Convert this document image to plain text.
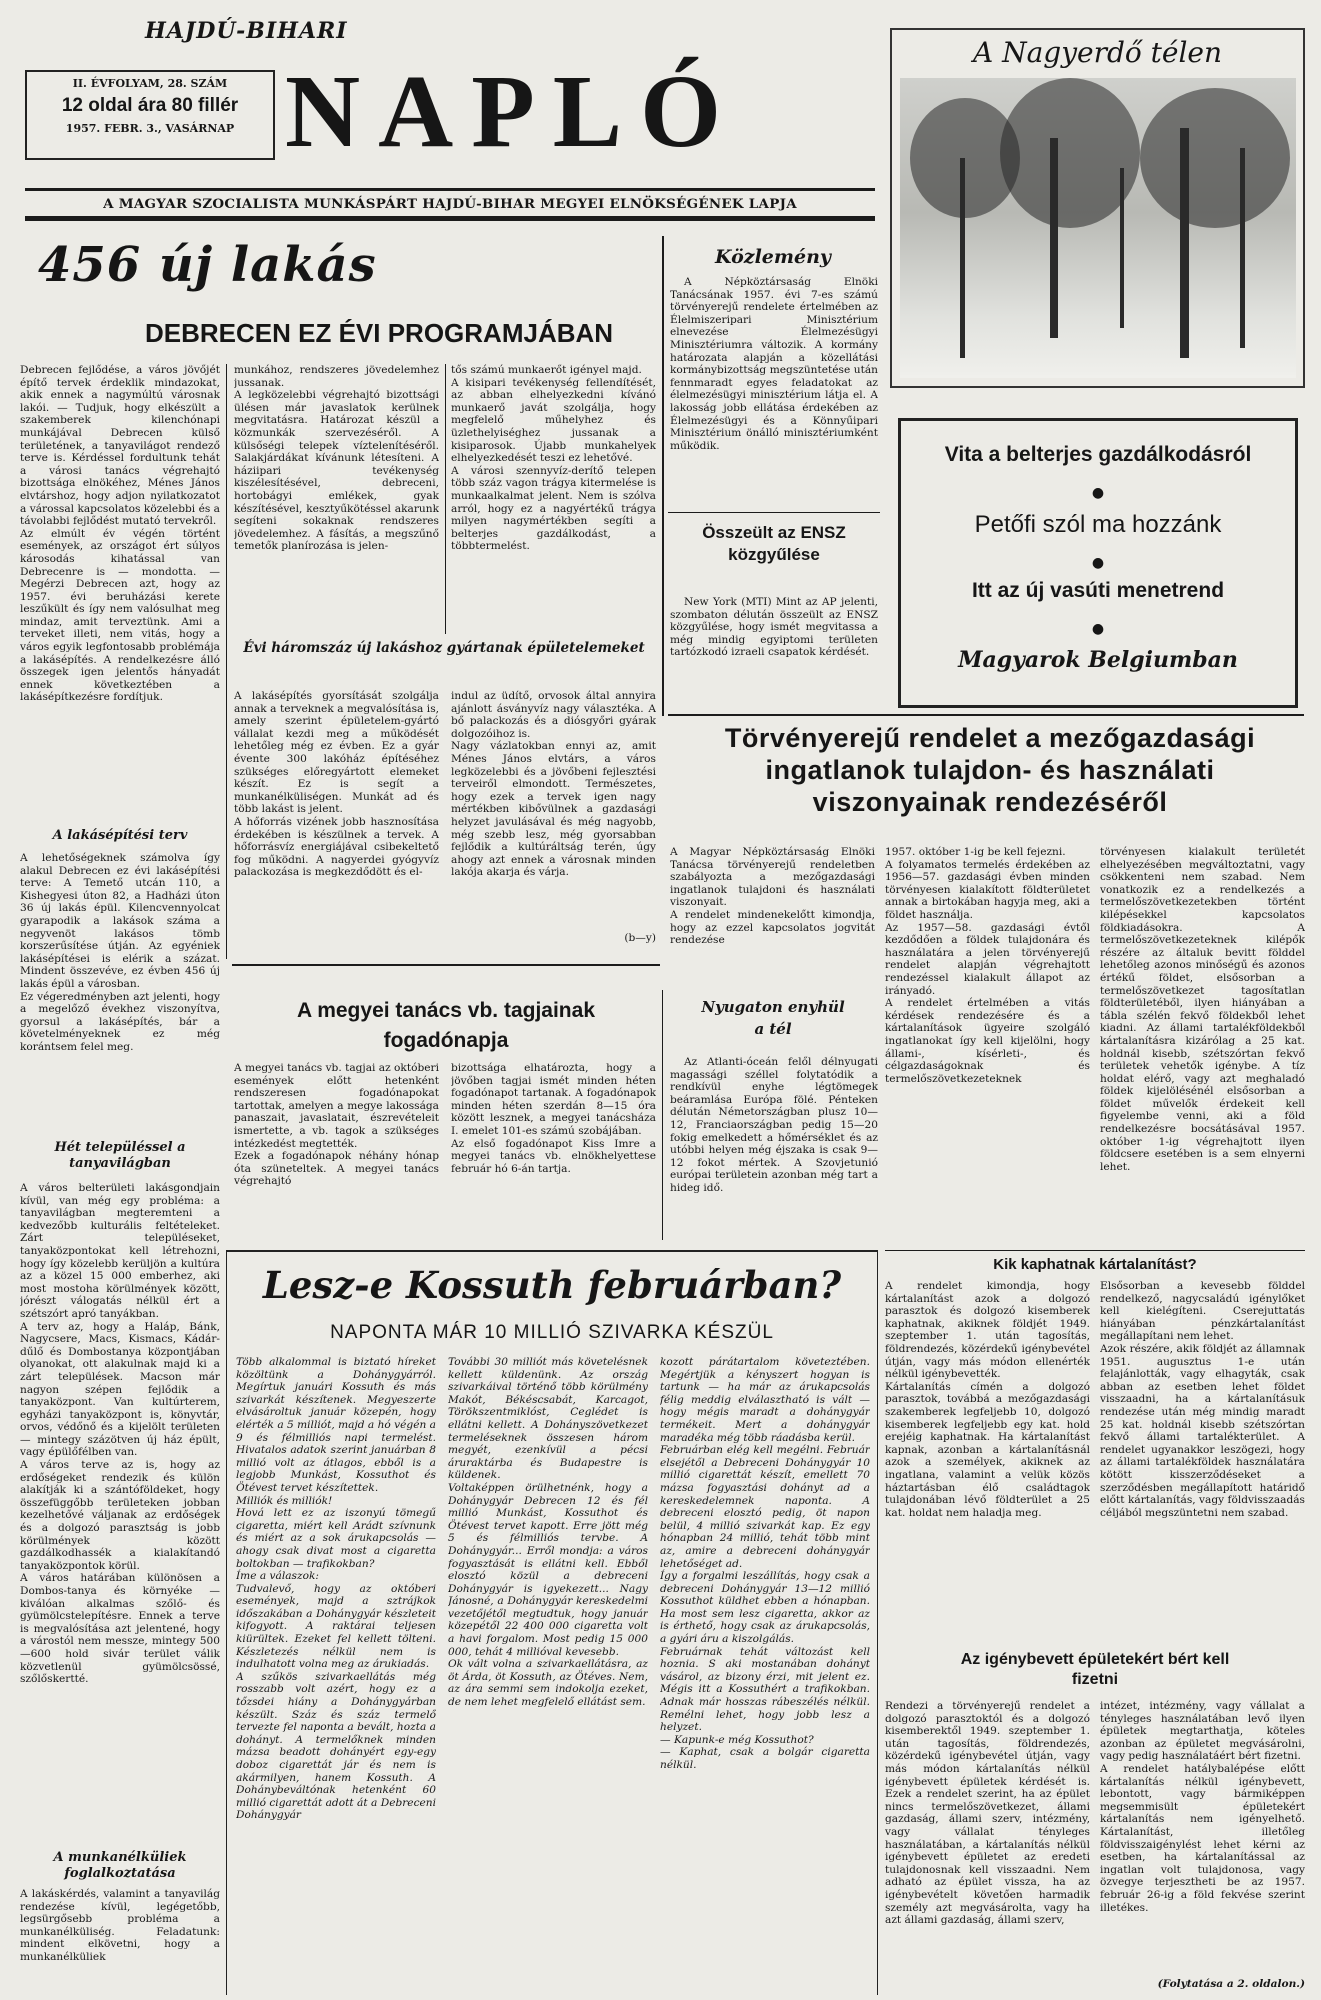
HAJDÚ-BIHARI
II. ÉVFOLYAM, 28. SZÁM
12 oldal ára 80 fillér
1957. FEBR. 3., VASÁRNAP NAPLÓ
A MAGYAR SZOCIALISTA MUNKÁSPÁRT HAJDÚ-BIHAR MEGYEI ELNÖKSÉGÉNEK LAPJA
A Nagyerdő télen
Vita a belterjes gazdálkodásról
●
Petőfi szól ma hozzánk
●
Itt az új vasúti menetrend
●
Magyarok Belgiumban
456 új lakás
DEBRECEN EZ ÉVI PROGRAMJÁBAN
Debrecen fejlődése, a város jövőjét építő tervek érdeklik mindazokat, akik ennek a nagymúltú városnak lakói. — Tudjuk, hogy elkészült a szakemberek kilenchónapi munkájával Debrecen külső területének, a tanyavilágot rendező terve is. Kérdéssel fordultunk tehát a városi tanács végrehajtó bizottsága elnökéhez, Ménes János elvtárshoz, hogy adjon nyilatkozatot a várossal kapcsolatos közelebbi és a távolabbi fejlődést mutató tervekről.
Az elmúlt év végén történt események, az országot ért súlyos károsodás kihatással van Debrecenre is — mondotta. — Megérzi Debrecen azt, hogy az 1957. évi beruházási kerete leszűkült és így nem valósulhat meg mindaz, amit terveztünk. Ami a terveket illeti, nem vitás, hogy a város egyik legfontosabb problémája a lakásépítés. A rendelkezésre álló összegek igen jelentős hányadát ennek következtében a lakásépítkezésre fordítjuk.
A lakásépítési terv
A lehetőségeknek számolva így alakul Debrecen ez évi lakásépítési terve: A Temető utcán 110, a Kishegyesi úton 82, a Hadházi úton 36 új lakás épül. Kilencvennyolcat gyarapodik a lakások száma a negyvenöt lakásos tömb korszerűsítése útján. Az egyéniek lakásépítései is elérik a százat. Mindent összevéve, ez évben 456 új lakás épül a városban.
Ez végeredményben azt jelenti, hogy a megelőző évekhez viszonyítva, gyorsul a lakásépítés, bár a követelményeknek ez még korántsem felel meg.
Hét településsel a tanyavilágban
A város belterületi lakásgondjain kívül, van még egy probléma: a tanyavilágban megteremteni a kedvezőbb kulturális feltételeket. Zárt településeket, tanyaközpontokat kell létrehozni, hogy így közelebb kerüljön a kultúra az a közel 15 000 emberhez, aki most mostoha körülmények között, jórészt válogatás nélkül ért a szétszórt apró tanyákban.
A terv az, hogy a Haláp, Bánk, Nagycsere, Macs, Kismacs, Kádár-dűlő és Dombostanya központjában olyanokat, ott alakulnak majd ki a zárt települések. Macson már nagyon szépen fejlődik a tanyaközpont. Van kultúrterem, egyházi tanyaközpont is, könyvtár, orvos, védőnő és a kijelölt területen — mintegy százötven új ház épült, vagy épülőfélben van.
A város terve az is, hogy az erdőségeket rendezik és külön alakítják ki a szántóföldeket, hogy összefüggőbb területeken jobban kezelhetővé váljanak az erdőségek és a dolgozó parasztság is jobb körülmények között gazdálkodhassék a kialakítandó tanyaközpontok körül.
A város határában különösen a Dombos-tanya és környéke — kiválóan alkalmas szőlő- és gyümölcstelepítésre. Ennek a terve is megvalósítása azt jelentené, hogy a várostól nem messze, mintegy 500—600 hold sivár terület válik közvetlenül gyümölcsössé, szőlőskertté.
A munkanélküliek foglalkoztatása
A lakáskérdés, valamint a tanyavilág rendezése kívül, legégetőbb, legsürgősebb probléma a munkanélküliség. Feladatunk: mindent elkövetni, hogy a munkanélküliek
munkához, rendszeres jövedelemhez jussanak.
A legközelebbi végrehajtó bizottsági ülésen már javaslatok kerülnek megvitatásra. Határozat készül a közmunkák szervezéséről. A külsőségi telepek víztelenítéséről. Salakjárdákat kívánunk létesíteni. A háziipari tevékenység kiszélesítésével, debreceni, hortobágyi emlékek, gyak készítésével, kesztyűkötéssel akarunk segíteni sokaknak rendszeres jövedelemhez. A fásítás, a megszűnő temetők planírozása is jelen-
Évi háromszáz új lakáshoz gyártanak épületelemeket
A lakásépítés gyorsítását szolgálja annak a terveknek a megvalósítása is, amely szerint épületelem-gyártó vállalat kezdi meg a működését lehetőleg még ez évben. Ez a gyár évente 300 lakóház építéséhez szükséges előregyártott elemeket készít. Ez is segít a munkanélküliségen. Munkát ad és több lakást is jelent.
A hőforrás vizének jobb hasznosítása érdekében is készülnek a tervek. A hőforrásvíz energiájával csibekeltető fog működni. A nagyerdei gyógyvíz palackozása is megkezdődött és el-
tős számú munkaerőt igényel majd.
A kisipari tevékenység fellendítését, az abban elhelyezkedni kívánó munkaerő javát szolgálja, hogy megfelelő műhelyhez és üzlethelyiséghez jussanak a kisiparosok. Újabb munkahelyek elhelyezkedését teszi ez lehetővé.
A városi szennyvíz-derítő telepen több száz vagon trágya kitermelése is munkaalkalmat jelent. Nem is szólva arról, hogy ez a nagyértékű trágya milyen nagymértékben segíti a belterjes gazdálkodást, a többtermelést.
indul az üdítő, orvosok által annyira ajánlott ásványvíz nagy választéka. A bő palackozás és a diósgyőri gyárak dolgozóihoz is.
Nagy vázlatokban ennyi az, amit Ménes János elvtárs, a város legközelebbi és a jövőbeni fejlesztési terveiről elmondott. Természetes, hogy ezek a tervek igen nagy mértékben kibővülnek a gazdasági helyzet javulásával és még nagyobb, még szebb lesz, még gyorsabban fejlődik a kultúráltság terén, úgy ahogy azt ennek a városnak minden lakója akarja és várja.
(b—y)
Közlemény
A Népköztársaság Elnöki Tanácsának 1957. évi 7-es számú törvényerejű rendelete értelmében az Élelmiszeripari Minisztérium elnevezése Élelmezésügyi Minisztériumra változik. A kormány határozata alapján a közellátási kormánybizottság megszüntetése után fennmaradt egyes feladatokat az élelmezésügyi minisztérium látja el. A lakosság jobb ellátása érdekében az Élelmezésügyi és a Könnyűipari Minisztérium önálló minisztériumként működik.
Összeült az ENSZ közgyűlése
New York (MTI) Mint az AP jelenti, szombaton délután összeült az ENSZ közgyűlése, hogy ismét megvitassa a még mindig egyiptomi területen tartózkodó izraeli csapatok kérdését.
Törvényerejű rendelet a mezőgazdasági ingatlanok tulajdon- és használati viszonyainak rendezéséről
A Magyar Népköztársaság Elnöki Tanácsa törvényerejű rendeletben szabályozta a mezőgazdasági ingatlanok tulajdoni és használati viszonyait.
A rendelet mindenekelőtt kimondja, hogy az ezzel kapcsolatos jogvitát rendezése
1957. október 1-ig be kell fejezni.
A folyamatos termelés érdekében az 1956—57. gazdasági évben minden törvényesen kialakított földterületet annak a birtokában hagyja meg, aki a földet használja.
Az 1957—58. gazdasági évtől kezdődően a földek tulajdonára és használatára a jelen törvényerejű rendelet alapján végrehajtott rendezéssel kialakult állapot az irányadó.
A rendelet értelmében a vitás kérdések rendezésére és a kártalanítások ügyeire szolgáló ingatlanokat így kell kijelölni, hogy állami-, kísérleti-, és célgazdaságoknak és termelőszövetkezeteknek
törvényesen kialakult területét elhelyezésében megváltoztatni, vagy csökkenteni nem szabad. Nem vonatkozik ez a rendelkezés a termelőszövetkezetekben történt kilépésekkel kapcsolatos földkiadásokra. A termelőszövetkezeteknek kilépők részére az általuk bevitt földdel lehetőleg azonos minőségű és azonos értékű földet, elsősorban a termelőszövetkezet tagosítatlan földterületéből, ilyen hiányában a tábla szélén fekvő földekből lehet kiadni. Az állami tartalékföldekből kártalanításra kizárólag a 25 kat. holdnál kisebb, szétszórtan fekvő területek vehetők igénybe. A tíz holdat elérő, vagy azt meghaladó földek kijelölésénél elsősorban a földet művelők érdekeit kell figyelembe venni, aki a föld rendelkezésre bocsátásával 1957. október 1-ig végrehajtott ilyen földcsere esetében is a sem elnyerni lehet.
A megyei tanács vb. tagjainak fogadónapja
A megyei tanács vb. tagjai az októberi események előtt hetenként rendszeresen fogadónapokat tartottak, amelyen a megye lakossága panaszait, javaslatait, észrevételeit ismertette, a vb. tagok a szükséges intézkedést megtették.
Ezek a fogadónapok néhány hónap óta szüneteltek. A megyei tanács végrehajtó
bizottsága elhatározta, hogy a jövőben tagjai ismét minden héten fogadónapot tartanak. A fogadónapok minden héten szerdán 8—15 óra között lesznek, a megyei tanácsháza I. emelet 101-es számú szobájában.
Az első fogadónapot Kiss Imre a megyei tanács vb. elnökhelyettese február hó 6-án tartja.
Nyugaton enyhül a tél
Az Atlanti-óceán felől délnyugati magassági széllel folytatódik a rendkívül enyhe légtömegek beáramlása Európa fölé. Pénteken délután Németországban plusz 10—12, Franciaországban pedig 15—20 fokig emelkedett a hőmérséklet és az utóbbi helyen még éjszaka is csak 9—12 fokot mértek. A Szovjetunió európai területein azonban még tart a hideg idő.
Lesz-e Kossuth februárban?
NAPONTA MÁR 10 MILLIÓ SZIVARKA KÉSZÜL
Több alkalommal is biztató híreket közöltünk a Dohánygyárról. Megírtuk januári Kossuth és más szivarkát készítenek. Megyeszerte elvásároltuk január közepén, hogy elérték a 5 milliót, majd a hó végén a 9 és félmilliós napi termelést. Hivatalos adatok szerint januárban 8 millió volt az átlagos, ebből is a legjobb Munkást, Kossuthot és Ötévest tervet készítettek.
Milliók és milliók!
Hová lett ez az iszonyú tömegű cigaretta, miért kell Arádt szívnunk és miért az a sok árukapcsolás — ahogy csak divat most a cigaretta boltokban — trafikokban?
Íme a válaszok:
Tudvalevő, hogy az októberi események, majd a sztrájkok időszakában a Dohánygyár készleteit kifogyott. A raktárai teljesen kiürültek. Ezeket fel kellett tölteni. Készletezés nélkül nem is indulhatott volna meg az árukiadás.
A szűkös szivarkaellátás még rosszabb volt azért, hogy ez a tőzsdei hiány a Dohánygyárban készült. Száz és száz termelő tervezte fel naponta a bevált, hozta a dohányt. A termelőknek minden mázsa beadott dohányért egy-egy doboz cigarettát jár és nem is akármilyen, hanem Kossuth. A Dohánybeváltónak hetenként 60 millió cigarettát adott át a Debreceni Dohánygyár
További 30 milliót más követelésnek kellett küldenünk. Az ország szivarkáival történő több körülmény Makót, Békéscsabát, Karcagot, Törökszentmiklóst, Ceglédet is ellátni kellett. A Dohányszövetkezet termeléseknek összesen három megyét, ezenkívül a pécsi áruraktárba és Budapestre is küldenek.
Voltaképpen örülhetnénk, hogy a Dohánygyár Debrecen 12 és fél millió Munkást, Kossuthot és Ötévest tervet kapott. Erre jött még 5 és félmilliós tervbe. A Dohánygyár... Erről mondja: a város fogyasztását is ellátni kell. Ebből elosztó közül a debreceni Dohánygyár is igyekezett... Nagy Jánosné, a Dohánygyár kereskedelmi vezetőjétől megtudtuk, hogy január közepétől 22 400 000 cigaretta volt a havi forgalom. Most pedig 15 000 000, tehát 4 millióval kevesebb.
Ok vált volna a szivarkaellátásra, az öt Árda, öt Kossuth, az Ötéves. Nem, az ára semmi sem indokolja ezeket, de nem lehet megfelelő ellátást sem.
kozott párátartalom követeztében. Megértjük a kényszert hogyan is tartunk — ha már az árukapcsolás félig meddig elválasztható is vált — hogy mégis maradt a dohánygyár termékeit. Mert a dohánygyár maradéka még több ráadásba kerül.
Februárban elég kell megélni. Február elsejétől a Debreceni Dohánygyár 10 millió cigarettát készít, emellett 70 mázsa fogyasztási dohányt ad a kereskedelemnek naponta. A debreceni elosztó pedig, öt napon belül, 4 millió szivarkát kap. Ez egy hónapban 24 millió, tehát több mint az, amire a debreceni dohánygyár lehetőséget ad.
Így a forgalmi leszállítás, hogy csak a debreceni Dohánygyár 13—12 millió Kossuthot küldhet ebben a hónapban. Ha most sem lesz cigaretta, akkor az is érthető, hogy csak az árukapcsolás, a gyári áru a kiszolgálás.
Februárnak tehát változást kell hoznia. S aki mostanában dohányt vásárol, az bizony érzi, mit jelent ez. Mégis itt a Kossuthért a trafikokban. Adnak már hosszas rábeszélés nélkül. Remélni lehet, hogy jobb lesz a helyzet.
— Kapunk-e még Kossuthot?
— Kaphat, csak a bolgár cigaretta nélkül.
Kik kaphatnak kártalanítást?
A rendelet kimondja, hogy kártalanítást azok a dolgozó parasztok és dolgozó kisemberek kaphatnak, akiknek földjét 1949. szeptember 1. után tagosítás, földrendezés, közérdekű igénybevétel útján, vagy más módon ellenérték nélkül igénybevették.
Kártalanítás címén a dolgozó parasztok, továbbá a mezőgazdasági szakemberek legfeljebb 10, dolgozó kisemberek legfeljebb egy kat. hold erejéig kaphatnak. Ha kártalanítást kapnak, azonban a kártalanításnál azok a személyek, akiknek az ingatlana, valamint a velük közös háztartásban élő családtagok tulajdonában lévő földterület a 25 kat. holdat nem haladja meg.
Elsősorban a kevesebb földdel rendelkező, nagycsaládú igénylőket kell kielégíteni. Cserejuttatás hiányában pénzkártalanítást megállapítani nem lehet.
Azok részére, akik földjét az államnak 1951. augusztus 1-e után felajánlották, vagy elhagyták, csak abban az esetben lehet földet visszaadni, ha a kártalanításuk rendezése után még mindig maradt 25 kat. holdnál kisebb szétszórtan fekvő állami tartalékterület. A rendelet ugyanakkor leszögezi, hogy az állami tartalékföldek használatára kötött kisszerződéseket a szerződésben megállapított határidő előtt kártalanítás, vagy földvisszaadás céljából megszüntetni nem szabad.
Az igénybevett épületekért bért kell fizetni
Rendezi a törvényerejű rendelet a dolgozó parasztoktól és a dolgozó kisemberektől 1949. szeptember 1. után tagosítás, földrendezés, közérdekű igénybevétel útján, vagy más módon kártalanítás nélkül igénybevett épületek kérdését is. Ezek a rendelet szerint, ha az épület nincs termelőszövetkezet, állami gazdaság, állami szerv, intézmény, vagy vállalat tényleges használatában, a kártalanítás nélkül igénybevett épületet az eredeti tulajdonosnak kell visszaadni. Nem adható az épület vissza, ha az igénybevételt követően harmadik személy azt megvásárolta, vagy ha azt állami gazdaság, állami szerv,
intézet, intézmény, vagy vállalat a tényleges használatában levő ilyen épületek megtarthatja, köteles azonban az épületet megvásárolni, vagy pedig használatáért bért fizetni.
A rendelet hatálybalépése előtt kártalanítás nélkül igénybevett, lebontott, vagy bármiképpen megsemmisült épületekért kártalanítás nem igényelhető. Kártalanítást, illetőleg földvisszaigénylést lehet kérni az esetben, ha kártalanítással az ingatlan volt tulajdonosa, vagy özvegye terjesztheti be az 1957. február 26-ig a föld fekvése szerint illetékes.
(Folytatása a 2. oldalon.)
